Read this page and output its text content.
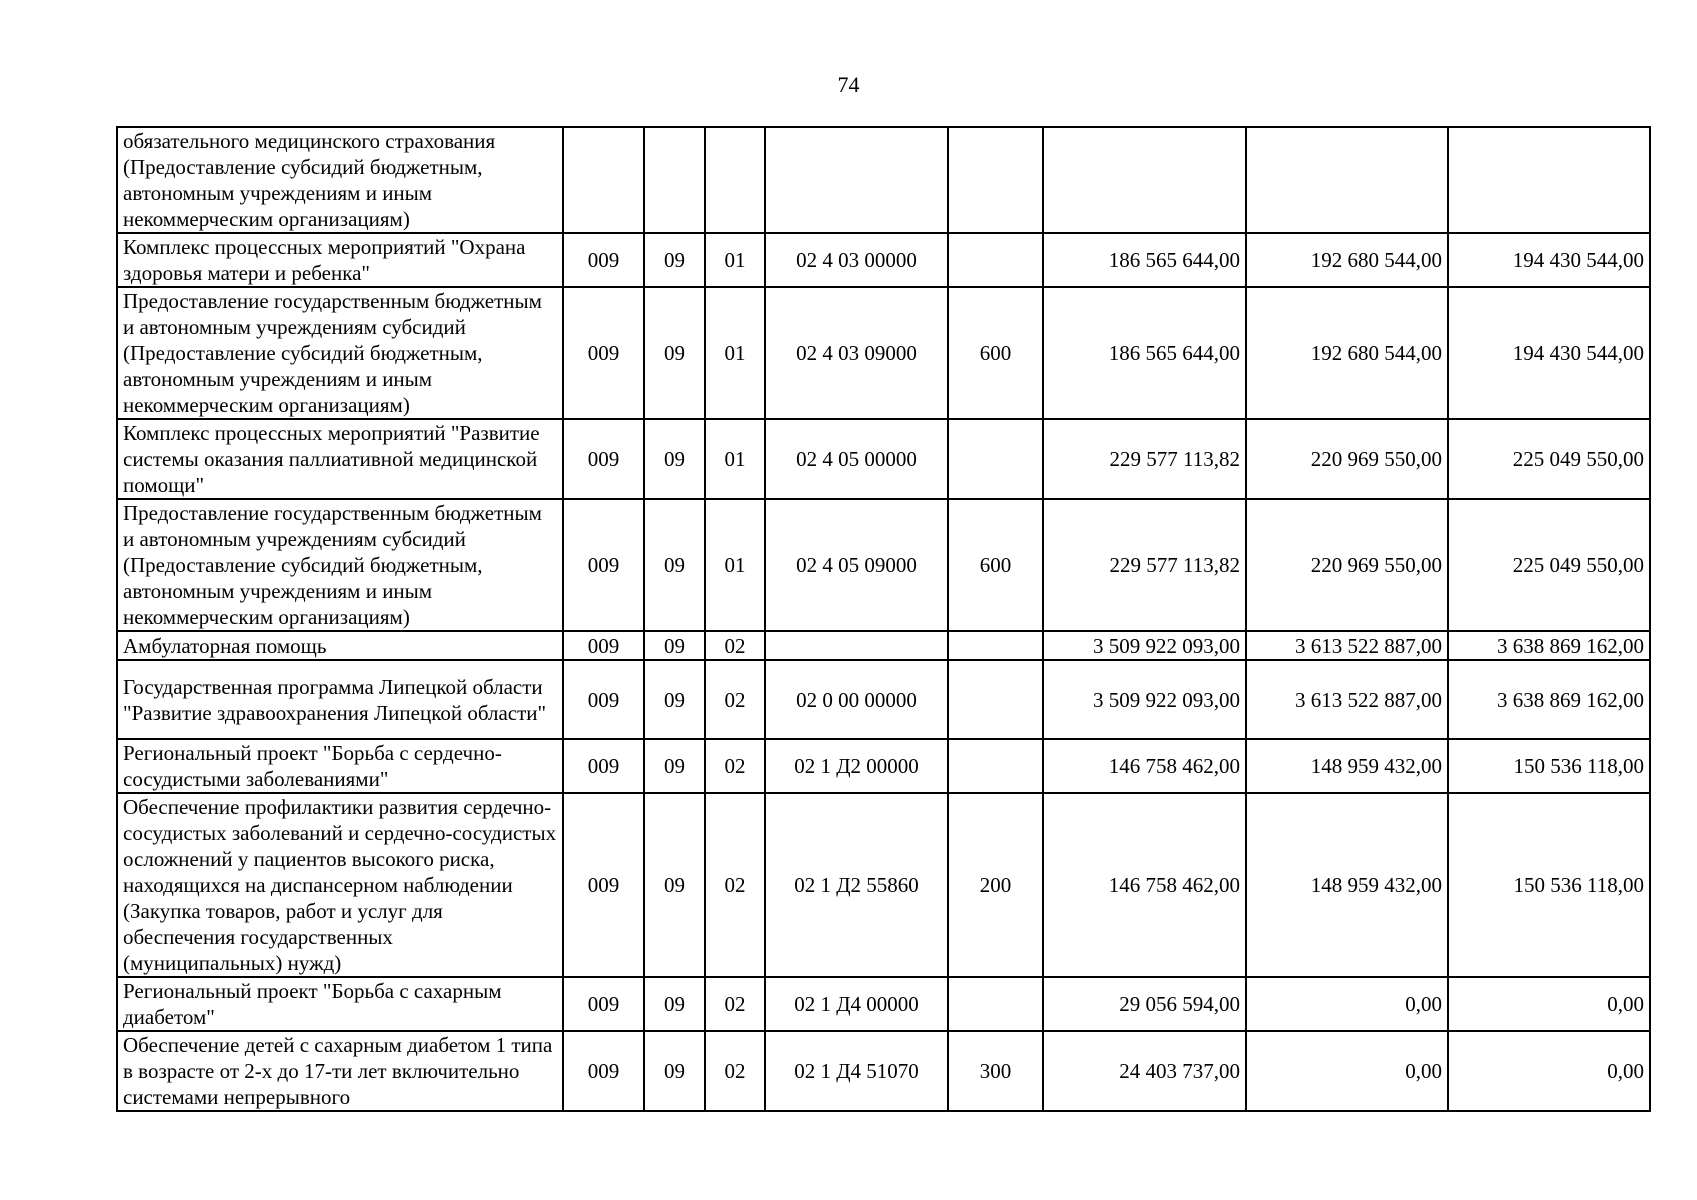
74
обязательного медицинского страхования (Предоставление субсидий бюджетным, автономным учреждениям и иным некоммерческим организациям)								
Комплекс процессных мероприятий "Охрана здоровья матери и ребенка"	009	09	01	02 4 03 00000		186 565 644,00	192 680 544,00	194 430 544,00
Предоставление государственным бюджетным и автономным учреждениям субсидий (Предоставление субсидий бюджетным, автономным учреждениям и иным некоммерческим организациям)	009	09	01	02 4 03 09000	600	186 565 644,00	192 680 544,00	194 430 544,00
Комплекс процессных мероприятий "Развитие системы оказания паллиативной медицинской помощи"	009	09	01	02 4 05 00000		229 577 113,82	220 969 550,00	225 049 550,00
Предоставление государственным бюджетным и автономным учреждениям субсидий (Предоставление субсидий бюджетным, автономным учреждениям и иным некоммерческим организациям)	009	09	01	02 4 05 09000	600	229 577 113,82	220 969 550,00	225 049 550,00
Амбулаторная помощь	009	09	02			3 509 922 093,00	3 613 522 887,00	3 638 869 162,00
Государственная программа Липецкой области "Развитие здравоохранения Липецкой области"	009	09	02	02 0 00 00000		3 509 922 093,00	3 613 522 887,00	3 638 869 162,00
Региональный проект "Борьба с сердечно-сосудистыми заболеваниями"	009	09	02	02 1 Д2 00000		146 758 462,00	148 959 432,00	150 536 118,00
Обеспечение профилактики развития сердечно-сосудистых заболеваний и сердечно-сосудистых осложнений у пациентов высокого риска, находящихся на диспансерном наблюдении (Закупка товаров, работ и услуг для обеспечения государственных (муниципальных) нужд)	009	09	02	02 1 Д2 55860	200	146 758 462,00	148 959 432,00	150 536 118,00
Региональный проект "Борьба с сахарным диабетом"	009	09	02	02 1 Д4 00000		29 056 594,00	0,00	0,00
Обеспечение детей с сахарным диабетом 1 типа в возрасте от 2-х до 17-ти лет включительно системами непрерывного	009	09	02	02 1 Д4 51070	300	24 403 737,00	0,00	0,00
